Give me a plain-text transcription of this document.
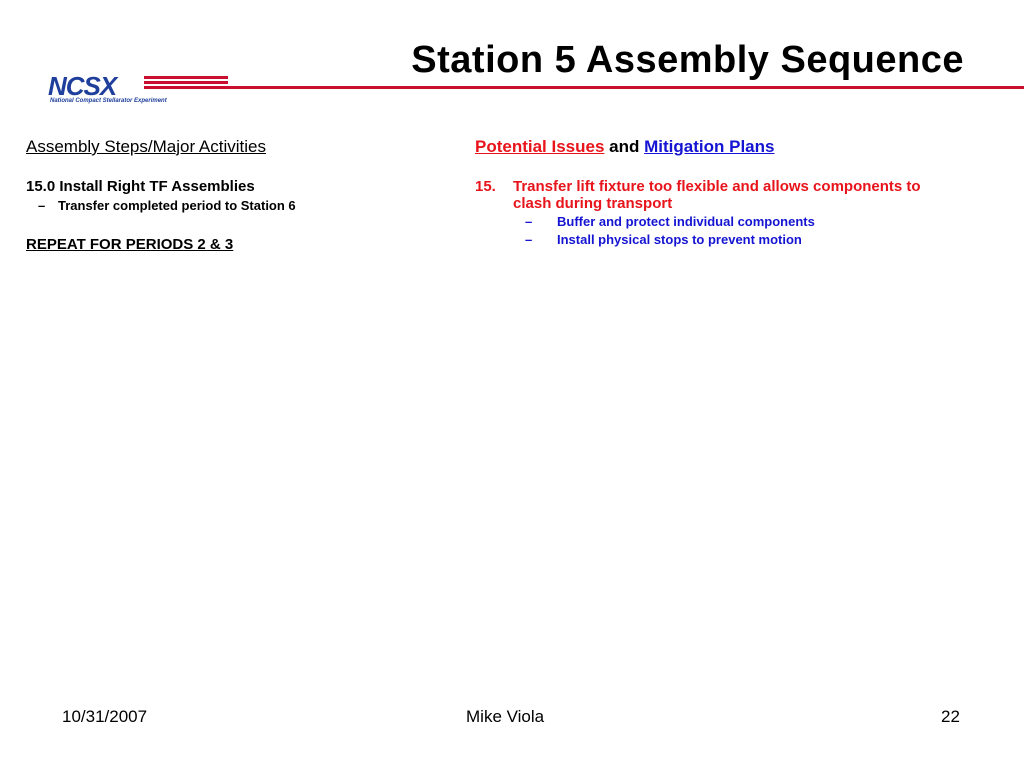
Station 5 Assembly Sequence
NCSX
National Compact Stellarator Experiment
Assembly Steps/Major Activities
15.0 Install Right TF Assemblies
– Transfer completed period to Station 6
REPEAT FOR PERIODS 2 & 3
Potential Issues and Mitigation Plans
15. Transfer lift fixture too flexible and allows components to clash during transport
– Buffer and protect individual components
– Install physical stops to prevent motion
10/31/2007	Mike Viola	22
